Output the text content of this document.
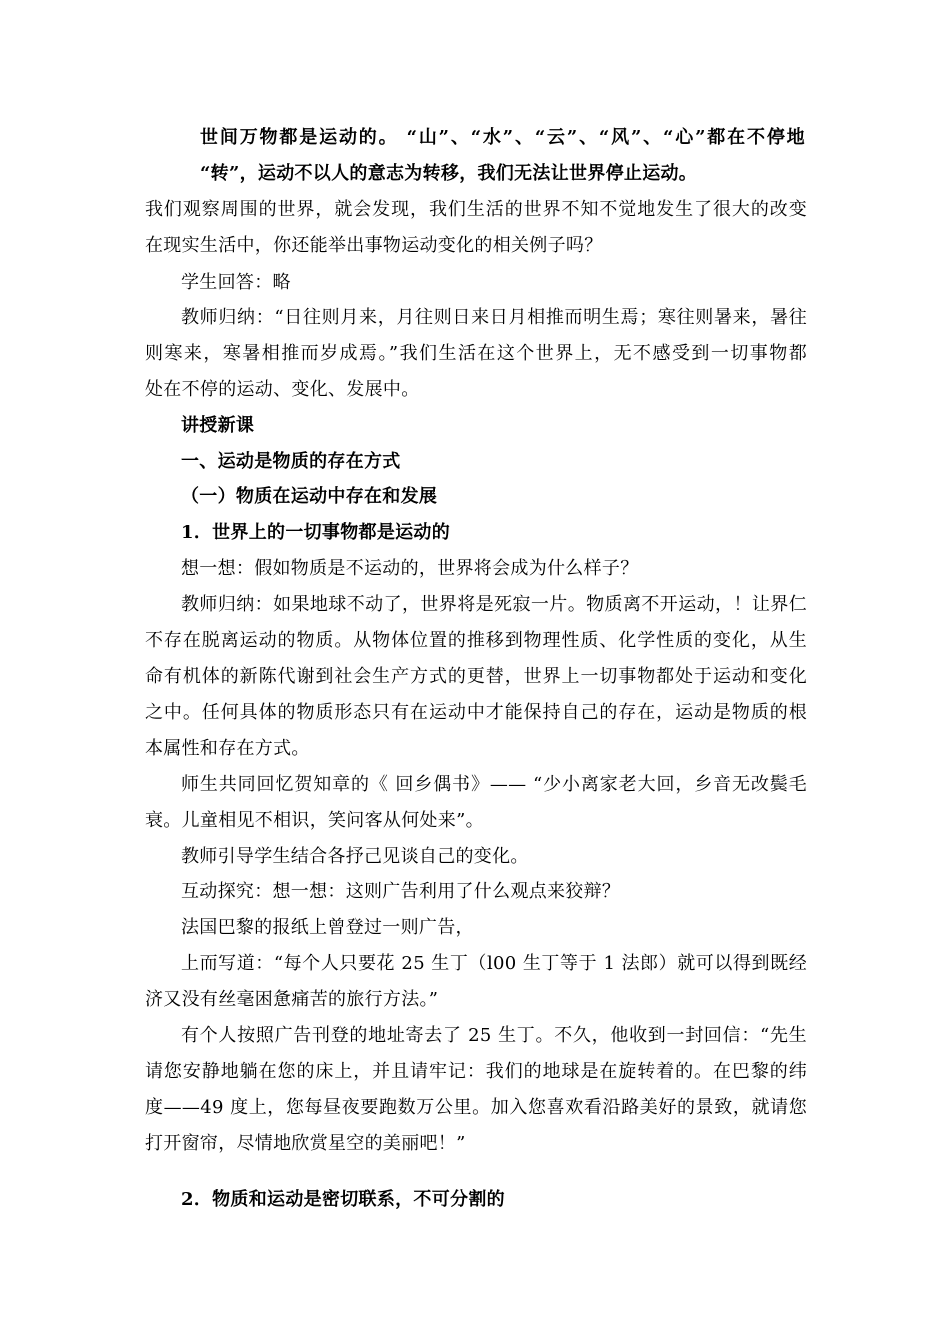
世间万物都是运动的。 “山”、“水”、“云”、“风”、“心”都在不停地
“转”，运动不以人的意志为转移，我们无法让世界停止运动。
我们观察周围的世界，就会发现，我们生活的世界不知不觉地发生了很大的改变
在现实生活中，你还能举出事物运动变化的相关例子吗？
学生回答：略
教师归纳：“日往则月来，月往则日来日月相推而明生焉；寒往则暑来，暑往
则寒来，寒暑相推而岁成焉。”我们生活在这个世界上，无不感受到一切事物都
处在不停的运动、变化、发展中。
讲授新课
一、运动是物质的存在方式
（一）物质在运动中存在和发展
1．世界上的一切事物都是运动的
想一想：假如物质是不运动的，世界将会成为什么样子？
教师归纳：如果地球不动了，世界将是死寂一片。物质离不开运动，！让界仁
不存在脱离运动的物质。从物体位置的推移到物理性质、化学性质的变化，从生
命有机体的新陈代谢到社会生产方式的更替，世界上一切事物都处于运动和变化
之中。任何具体的物质形态只有在运动中才能保持自己的存在，运动是物质的根
本属性和存在方式。
师生共同回忆贺知章的《 回乡偶书》—— “少小离家老大回，乡音无改鬓毛
衰。儿童相见不相识，笑问客从何处来”。
教师引导学生结合各抒己见谈自己的变化。
互动探究：想一想：这则广告利用了什么观点来狡辩？
法国巴黎的报纸上曾登过一则广告，
上而写道：“每个人只要花 25 生丁（l00 生丁等于 1 法郎）就可以得到既经
济又没有丝毫困惫痛苦的旅行方法。”
有个人按照广告刊登的地址寄去了 25 生丁。不久，他收到一封回信：“先生
请您安静地躺在您的床上，并且请牢记：我们的地球是在旋转着的。在巴黎的纬
度——49 度上，您每昼夜要跑数万公里。加入您喜欢看沿路美好的景致，就请您
打开窗帘，尽情地欣赏星空的美丽吧！”
2．物质和运动是密切联系，不可分割的
